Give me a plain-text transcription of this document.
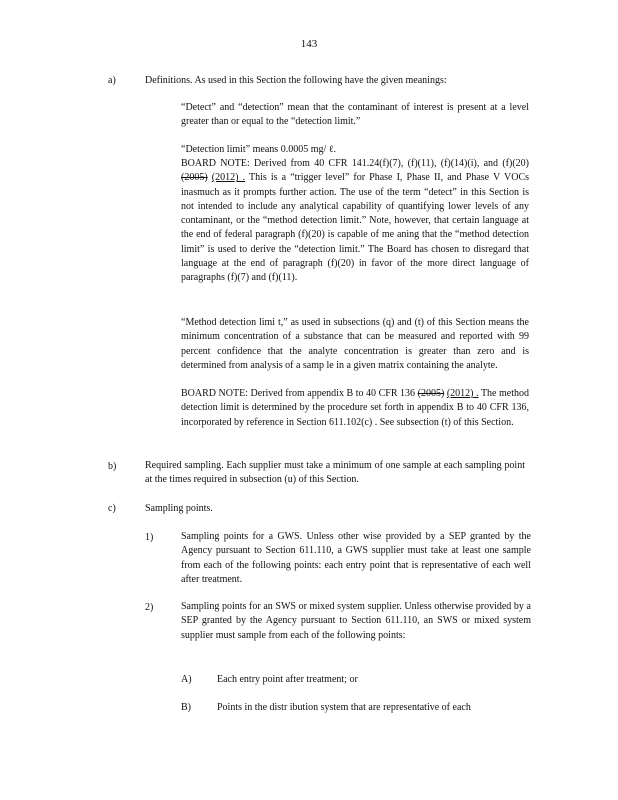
143
a)	Definitions. As used in this Section the following have the given meanings:
“Detect” and “detection” mean that the contaminant of interest is present at a level greater than or equal to the “detection limit.”
“Detection limit” means 0.0005 mg/ ℓ.
BOARD NOTE: Derived from 40 CFR 141.24(f)(7), (f)(11), (f)(14)(i), and (f)(20) (2005) (2012) . This is a “trigger level” for Phase I, Phase II, and Phase V VOCs inasmuch as it prompts further action. The use of the term “detect” in this Section is not intended to include any analytical capability of quantifying lower levels of any contaminant, or the “method detection limit.” Note, however, that certain language at the end of federal paragraph (f)(20) is capable of me aning that the “method detection limit” is used to derive the “detection limit.” The Board has chosen to disregard that language at the end of paragraph (f)(20) in favor of the more direct language of paragraphs (f)(7) and (f)(11).
“Method detection limi t,” as used in subsections (q) and (t) of this Section means the minimum concentration of a substance that can be measured and reported with 99 percent confidence that the analyte concentration is greater than zero and is determined from analysis of a samp le in a given matrix containing the analyte.
BOARD NOTE: Derived from appendix B to 40 CFR 136 (2005) (2012) . The method detection limit is determined by the procedure set forth in appendix B to 40 CFR 136, incorporated by reference in Section 611.102(c) . See subsection (t) of this Section.
b)	Required sampling. Each supplier must take a minimum of one sample at each sampling point at the times required in subsection (u) of this Section.
c)	Sampling points.
1)	Sampling points for a GWS. Unless other wise provided by a SEP granted by the Agency pursuant to Section 611.110, a GWS supplier must take at least one sample from each of the following points: each entry point that is representative of each well after treatment.
2)	Sampling points for an SWS or mixed system supplier. Unless otherwise provided by a SEP granted by the Agency pursuant to Section 611.110, an SWS or mixed system supplier must sample from each of the following points:
A)	Each entry point after treatment; or
B)	Points in the distr ibution system that are representative of each
